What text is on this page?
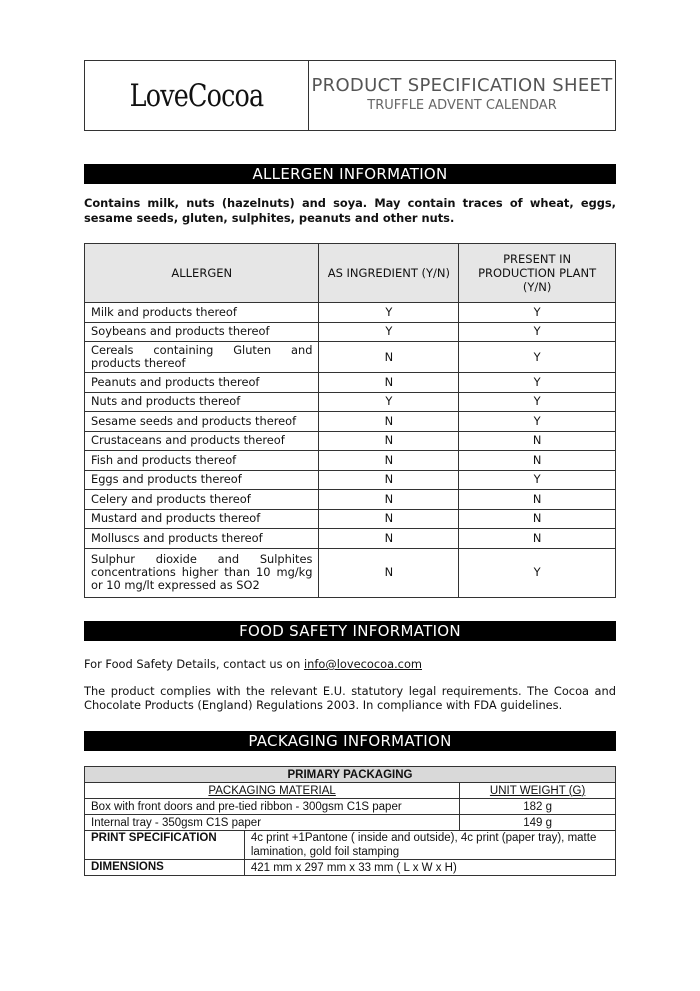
LoveCocoa	PRODUCT SPECIFICATION SHEET
TRUFFLE ADVENT CALENDAR
ALLERGEN INFORMATION
Contains milk, nuts (hazelnuts) and soya. May contain traces of wheat, eggs, sesame seeds, gluten, sulphites, peanuts and other nuts.
ALLERGEN	AS INGREDIENT (Y/N)	PRESENT IN PRODUCTION PLANT (Y/N)
Milk and products thereof	Y	Y
Soybeans and products thereof	Y	Y
Cereals containing Gluten and products thereof	N	Y
Peanuts and products thereof	N	Y
Nuts and products thereof	Y	Y
Sesame seeds and products thereof	N	Y
Crustaceans and products thereof	N	N
Fish and products thereof	N	N
Eggs and products thereof	N	Y
Celery and products thereof	N	N
Mustard and products thereof	N	N
Molluscs and products thereof	N	N
Sulphur dioxide and Sulphites concentrations higher than 10 mg/kg or 10 mg/lt expressed as SO2	N	Y
FOOD SAFETY INFORMATION
For Food Safety Details, contact us on info@lovecocoa.com
The product complies with the relevant E.U. statutory legal requirements. The Cocoa and Chocolate Products (England) Regulations 2003. In compliance with FDA guidelines.
PACKAGING INFORMATION
PRIMARY PACKAGING		
PACKAGING MATERIAL		UNIT WEIGHT (G)
Box with front doors and pre-tied ribbon - 300gsm C1S paper		182 g
Internal tray - 350gsm C1S paper		149 g
PRINT SPECIFICATION	4c print +1Pantone ( inside and outside), 4c print (paper tray), matte lamination, gold foil stamping	
DIMENSIONS	421 mm x 297 mm x 33 mm ( L x W x H)	
